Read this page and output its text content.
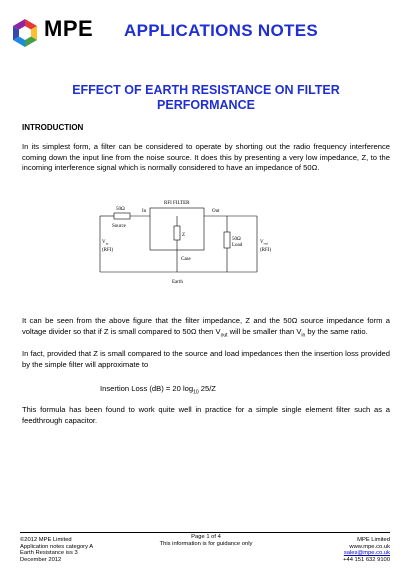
MPE APPLICATIONS NOTES
EFFECT OF EARTH RESISTANCE ON FILTER PERFORMANCE
INTRODUCTION
In its simplest form, a filter can be considered to operate by shorting out the radio frequency interference coming down the input line from the noise source. It does this by presenting a very low impedance, Z, to the incoming interference signal which is normally considered to have an impedance of 50Ω.
RFI FILTER
50Ω
Source
In	Out
Z
Case
Earth
50Ω
Load
$V_{in}$
(RFI)
$V_{out}$
(RFI)
It can be seen from the above figure that the filter impedance, Z and the 50Ω source impedance form a voltage divider so that if Z is small compared to 50Ω then $V_{out}$ will be smaller than $V_{in}$ by the same ratio.
In fact, provided that Z is small compared to the source and load impedances then the insertion loss provided by the simple filter will approximate to
Insertion Loss (dB) = 20 $\log_{10} 25/Z$
This formula has been found to work quite well in practice for a simple single element filter such as a feedthrough capacitor.
Page 1 of 4
This information is for guidance only
©2012 MPE Limited
Application notes category A
Earth Resistance iss 3
December 2012
MPE Limited
www.mpe.co.uk
sales@mpe.co.uk
+44 151 632 9100
